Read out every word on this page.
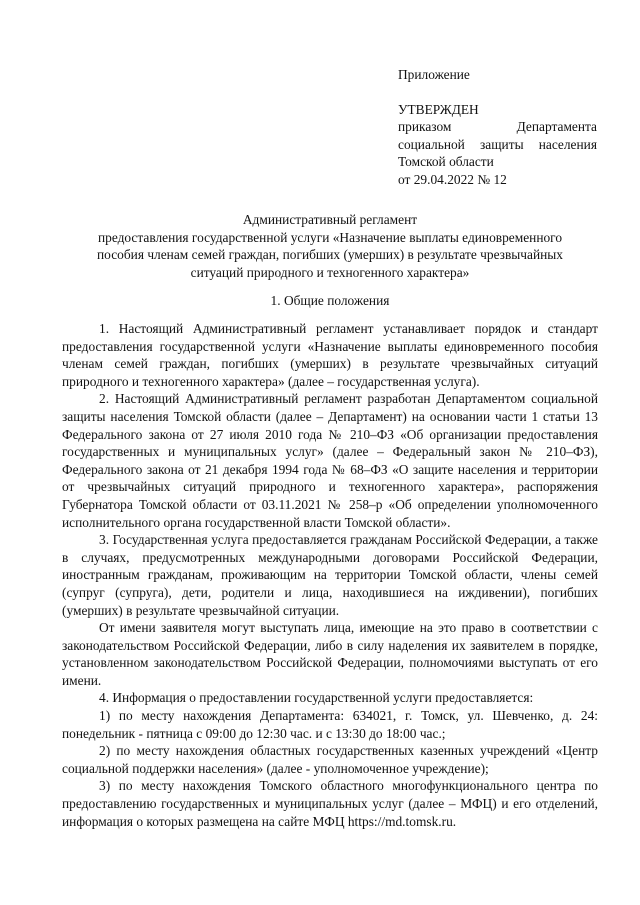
Приложение

УТВЕРЖДЕН

приказом Департамента

социальной защиты населения

Томской области

от 29.04.2022 № 12

Административный регламент

предоставления государственной услуги «Назначение выплаты единовременного

пособия членам семей граждан, погибших (умерших) в результате чрезвычайных

ситуаций природного и техногенного характера»

1. Общие положения

1. Настоящий Административный регламент устанавливает порядок и стандарт предоставления государственной услуги «Назначение выплаты единовременного пособия членам семей граждан, погибших (умерших) в результате чрезвычайных ситуаций природного и техногенного характера» (далее – государственная услуга).

2. Настоящий Административный регламент разработан Департаментом социальной защиты населения Томской области (далее – Департамент) на основании части 1 статьи 13 Федерального закона от 27 июля 2010 года № 210–ФЗ «Об организации предоставления государственных и муниципальных услуг» (далее – Федеральный закон № 210–ФЗ), Федерального закона от 21 декабря 1994 года № 68–ФЗ «О защите населения и территории от чрезвычайных ситуаций природного и техногенного характера», распоряжения Губернатора Томской области от 03.11.2021 № 258–р «Об определении уполномоченного исполнительного органа государственной власти Томской области».

3. Государственная услуга предоставляется гражданам Российской Федерации, а также в случаях, предусмотренных международными договорами Российской Федерации, иностранным гражданам, проживающим на территории Томской области, члены семей (супруг (супруга), дети, родители и лица, находившиеся на иждивении), погибших (умерших) в результате чрезвычайной ситуации.

От имени заявителя могут выступать лица, имеющие на это право в соответствии с законодательством Российской Федерации, либо в силу наделения их заявителем в порядке, установленном законодательством Российской Федерации, полномочиями выступать от его имени.

4. Информация о предоставлении государственной услуги предоставляется:

1) по месту нахождения Департамента: 634021, г. Томск, ул. Шевченко, д. 24: понедельник - пятница с 09:00 до 12:30 час. и с 13:30 до 18:00 час.;

2) по месту нахождения областных государственных казенных учреждений «Центр социальной поддержки населения» (далее - уполномоченное учреждение);

3) по месту нахождения Томского областного многофункционального центра по предоставлению государственных и муниципальных услуг (далее – МФЦ) и его отделений, информация о которых размещена на сайте МФЦ https://md.tomsk.ru.
